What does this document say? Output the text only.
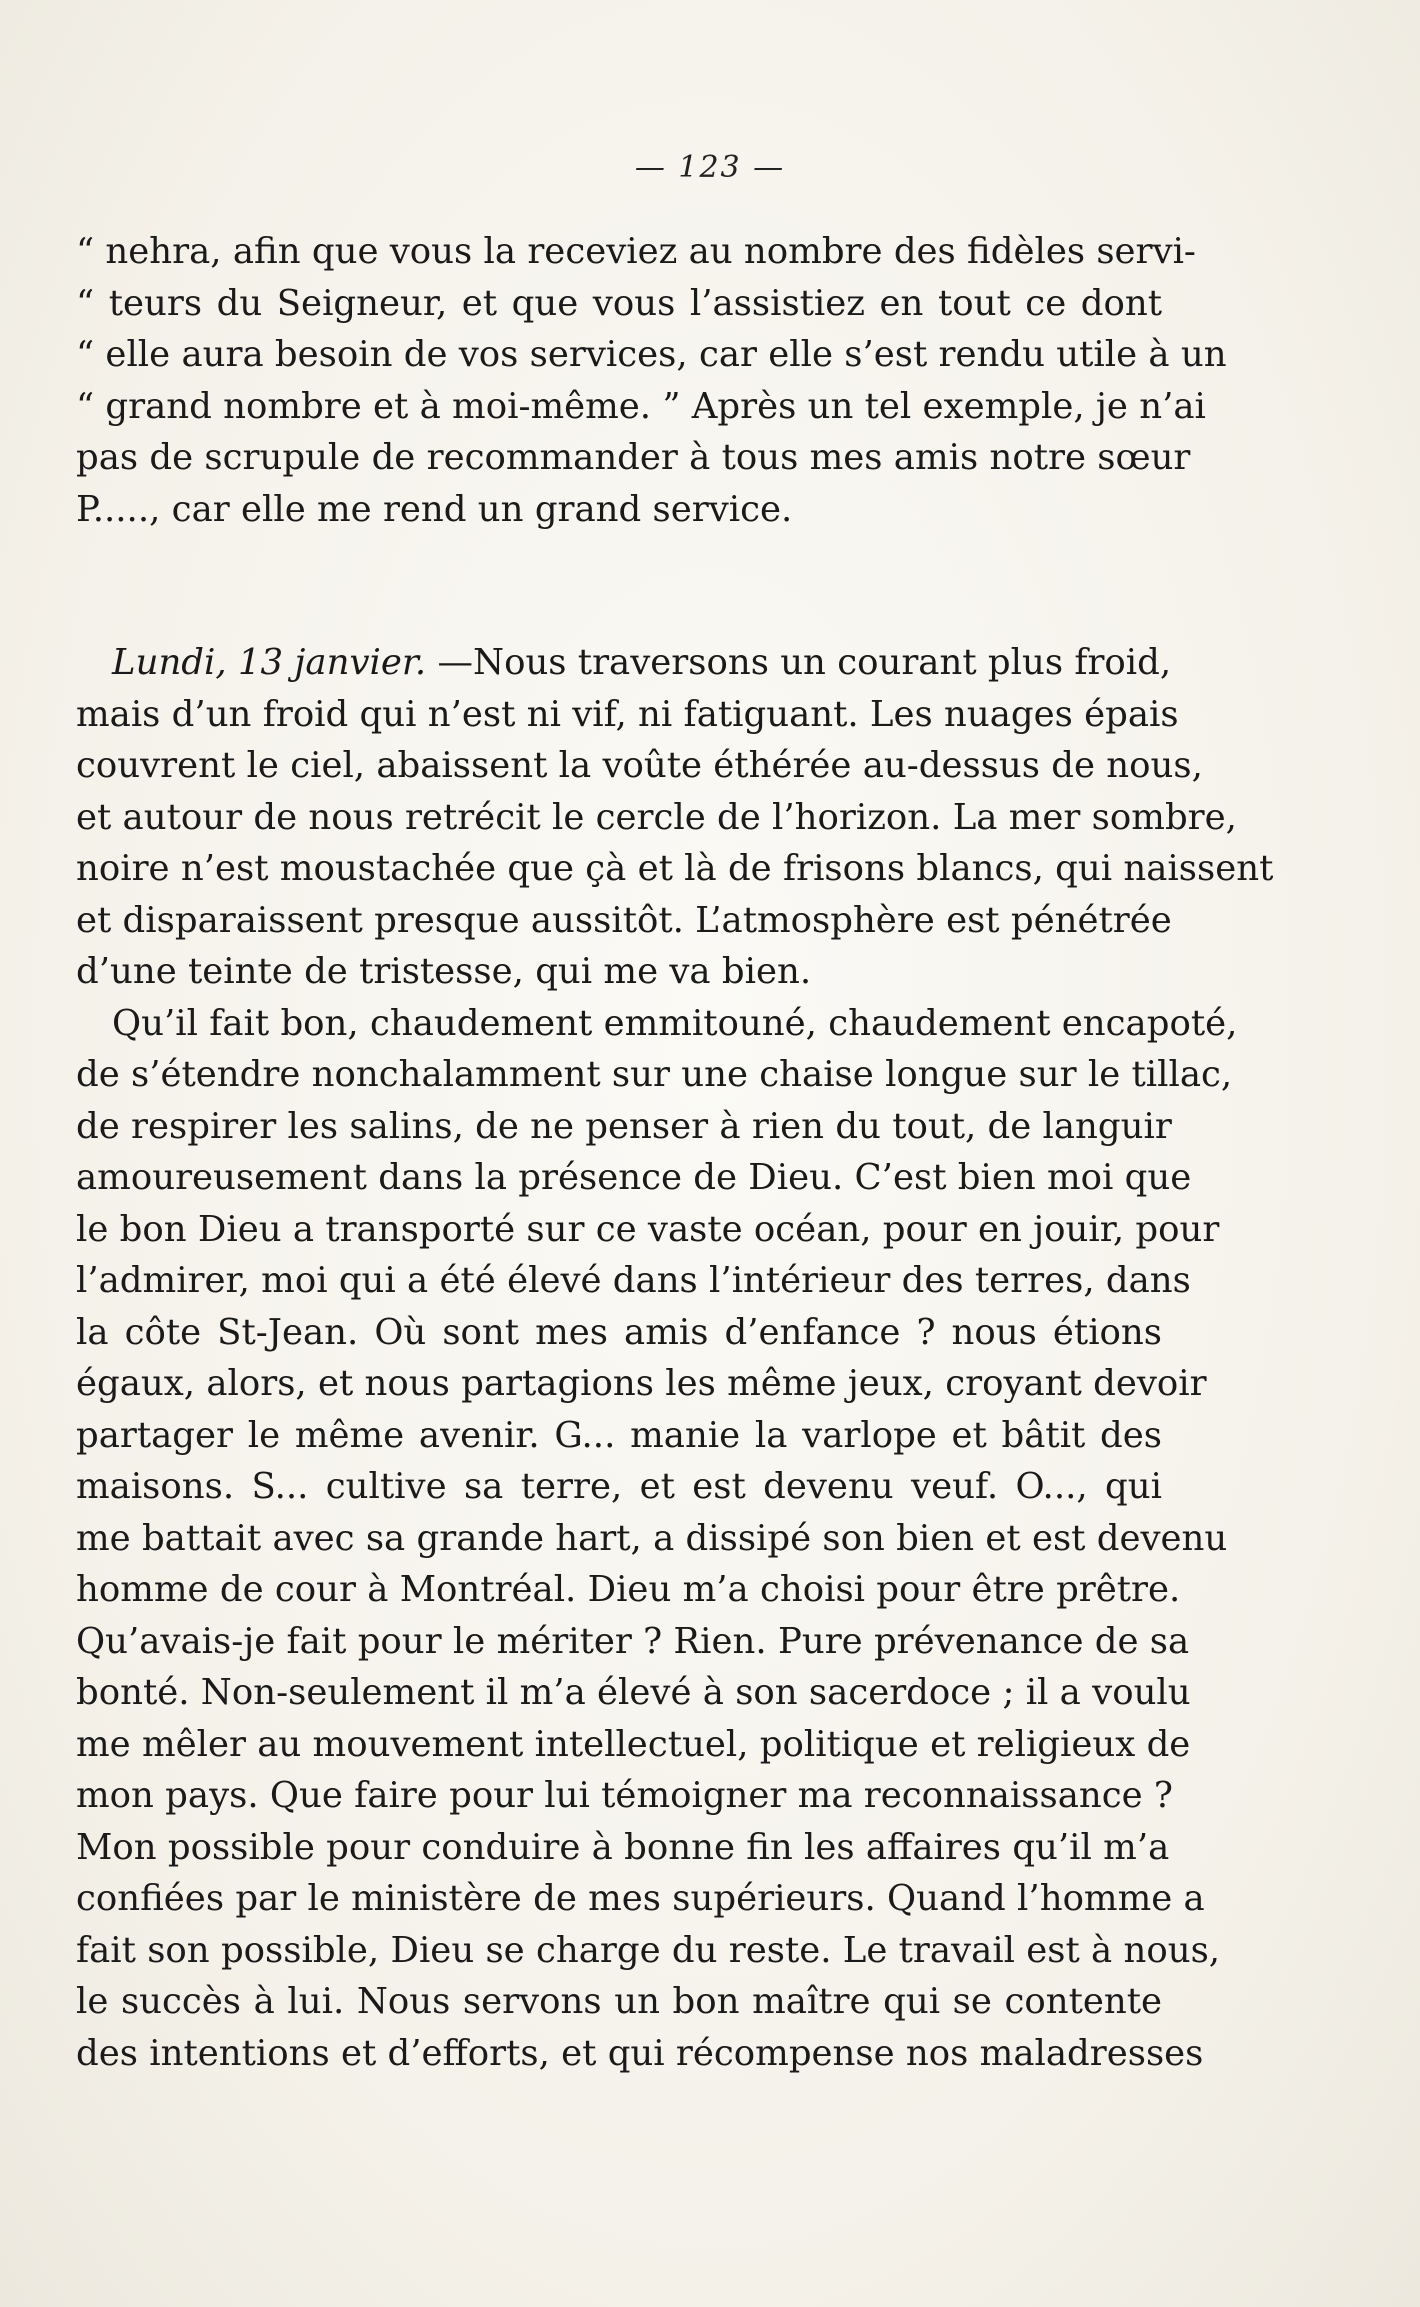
— 123 —
“ nehra, afin que vous la receviez au nombre des fidèles servi-
“ teurs du Seigneur, et que vous l’assistiez en tout ce dont
“ elle aura besoin de vos services, car elle s’est rendu utile à un
“ grand nombre et à moi-même. ” Après un tel exemple, je n’ai
pas de scrupule de recommander à tous mes amis notre sœur
P....., car elle me rend un grand service.
Lundi, 13 janvier. —Nous traversons un courant plus froid,
mais d’un froid qui n’est ni vif, ni fatiguant. Les nuages épais
couvrent le ciel, abaissent la voûte éthérée au-dessus de nous,
et autour de nous retrécit le cercle de l’horizon. La mer sombre,
noire n’est moustachée que çà et là de frisons blancs, qui naissent
et disparaissent presque aussitôt. L’atmosphère est pénétrée
d’une teinte de tristesse, qui me va bien.
Qu’il fait bon, chaudement emmitouné, chaudement encapoté,
de s’étendre nonchalamment sur une chaise longue sur le tillac,
de respirer les salins, de ne penser à rien du tout, de languir
amoureusement dans la présence de Dieu. C’est bien moi que
le bon Dieu a transporté sur ce vaste océan, pour en jouir, pour
l’admirer, moi qui a été élevé dans l’intérieur des terres, dans
la côte St-Jean. Où sont mes amis d’enfance ? nous étions
égaux, alors, et nous partagions les même jeux, croyant devoir
partager le même avenir. G... manie la varlope et bâtit des
maisons. S... cultive sa terre, et est devenu veuf. O..., qui
me battait avec sa grande hart, a dissipé son bien et est devenu
homme de cour à Montréal. Dieu m’a choisi pour être prêtre.
Qu’avais-je fait pour le mériter ? Rien. Pure prévenance de sa
bonté. Non-seulement il m’a élevé à son sacerdoce ; il a voulu
me mêler au mouvement intellectuel, politique et religieux de
mon pays. Que faire pour lui témoigner ma reconnaissance ?
Mon possible pour conduire à bonne fin les affaires qu’il m’a
confiées par le ministère de mes supérieurs. Quand l’homme a
fait son possible, Dieu se charge du reste. Le travail est à nous,
le succès à lui. Nous servons un bon maître qui se contente
des intentions et d’efforts, et qui récompense nos maladresses
